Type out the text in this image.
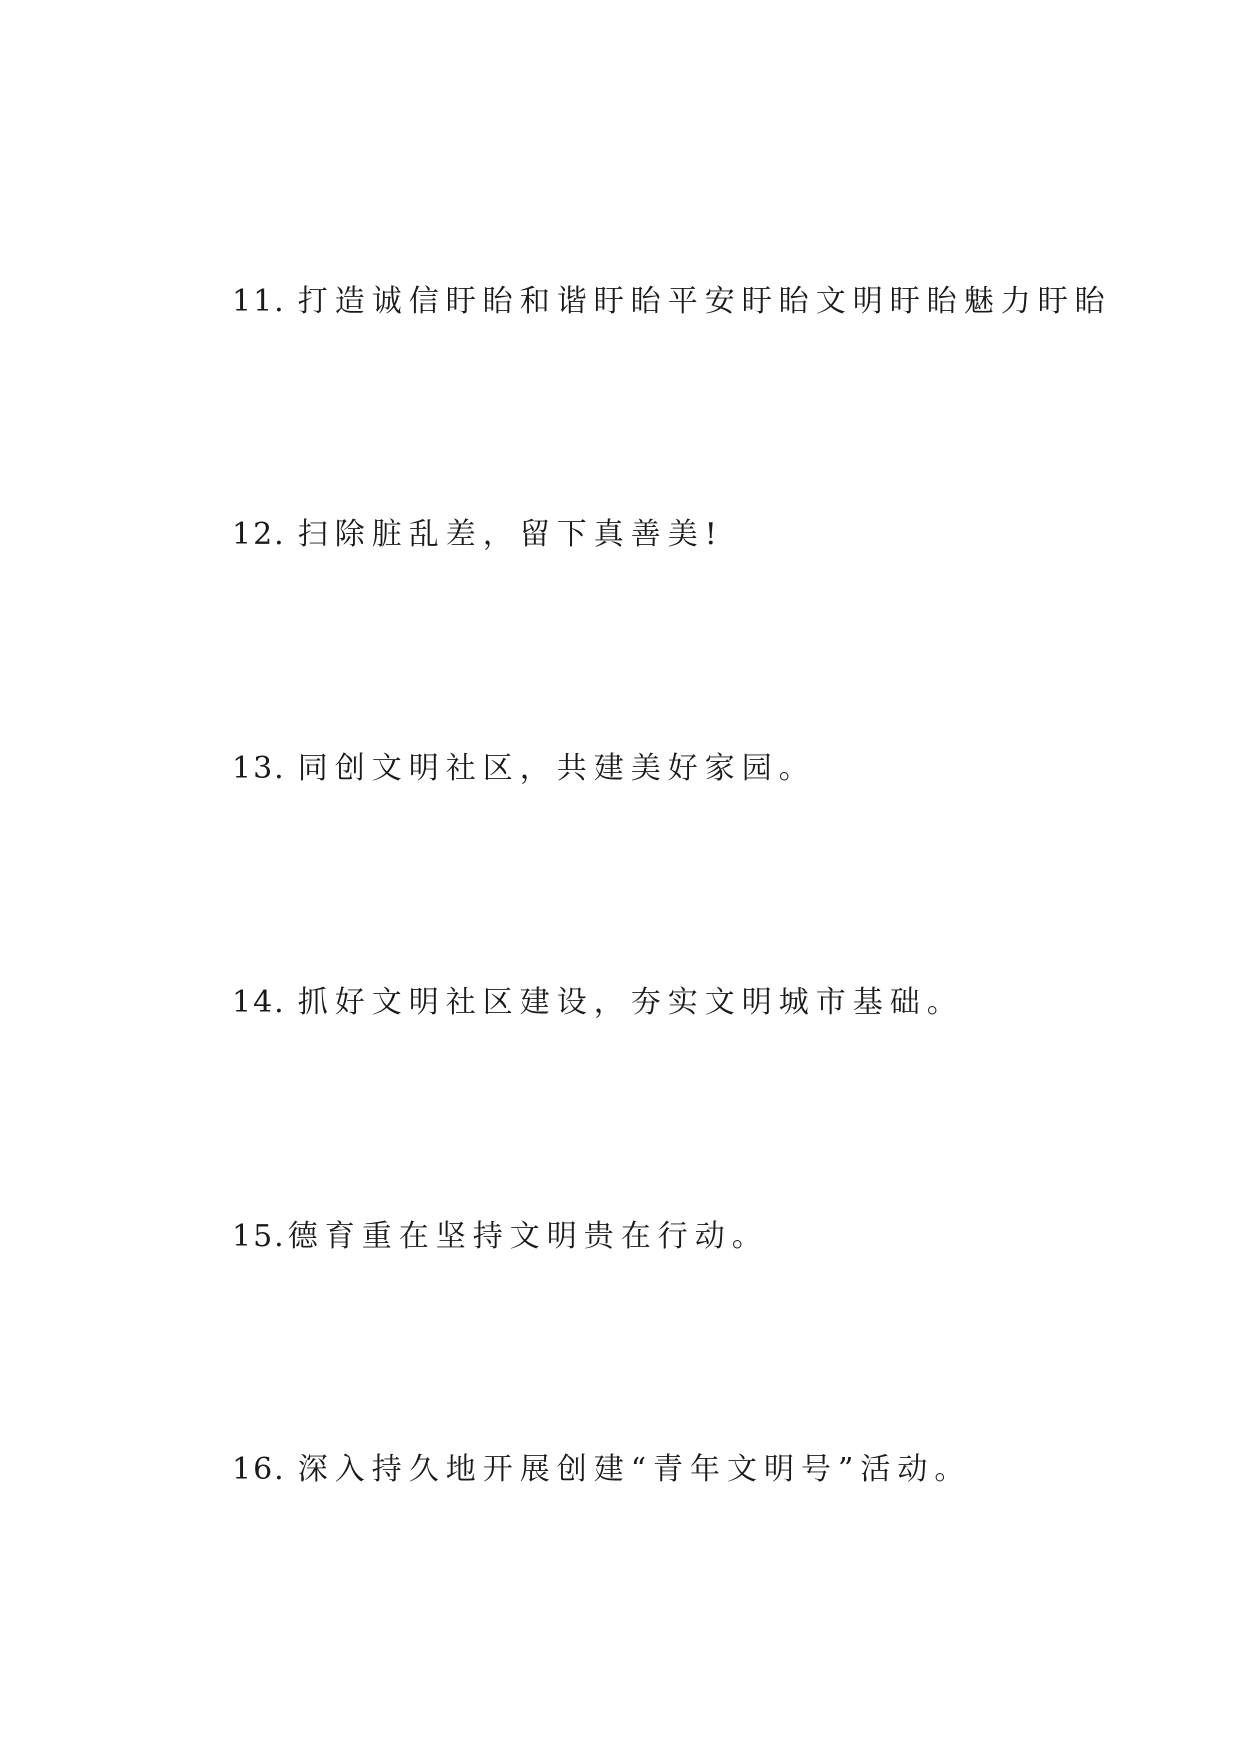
11. 打造诚信盱眙和谐盱眙平安盱眙文明盱眙魅力盱眙
12. 扫除脏乱差，留下真善美!
13. 同创文明社区，共建美好家园。
14. 抓好文明社区建设，夯实文明城市基础。
15.德育重在坚持文明贵在行动。
16. 深入持久地开展创建“青年文明号”活动。
